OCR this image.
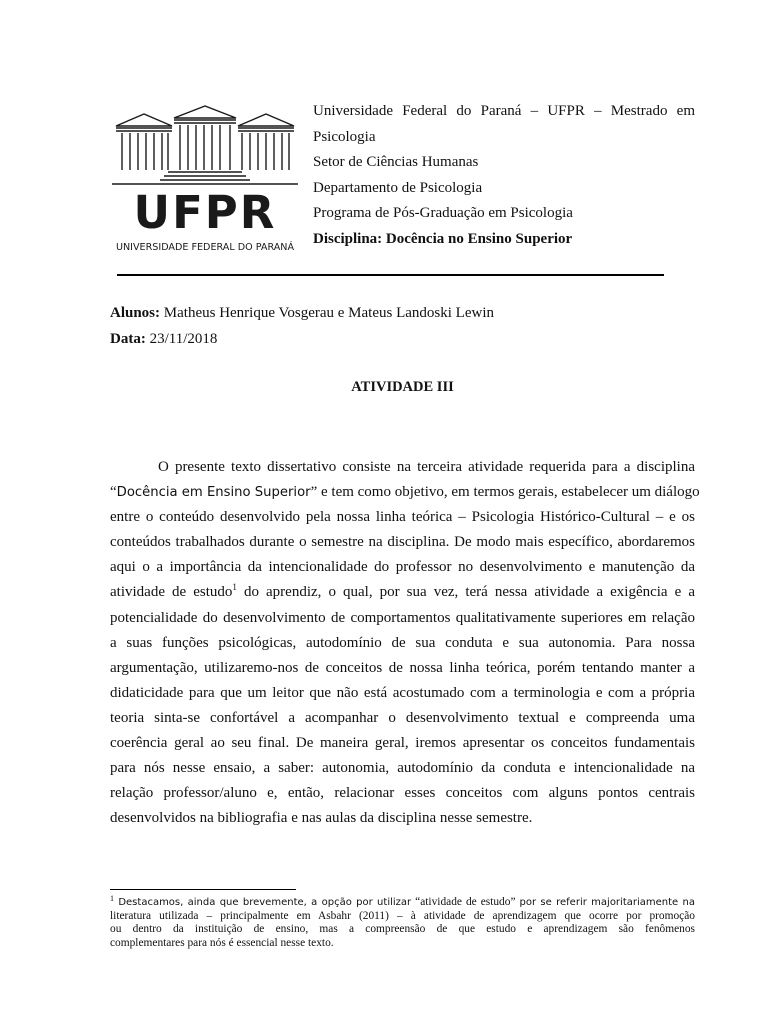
UFPR
UNIVERSIDADE FEDERAL DO PARANÁ
Universidade Federal do Paraná – UFPR – Mestrado em
Psicologia
Setor de Ciências Humanas
Departamento de Psicologia
Programa de Pós-Graduação em Psicologia
Disciplina: Docência no Ensino Superior
Alunos: Matheus Henrique Vosgerau e Mateus Landoski Lewin
Data: 23/11/2018
ATIVIDADE III
O presente texto dissertativo consiste na terceira atividade requerida para a disciplina
“Docência em Ensino Superior” e tem como objetivo, em termos gerais, estabelecer um diálogo
entre o conteúdo desenvolvido pela nossa linha teórica – Psicologia Histórico-Cultural – e os
conteúdos trabalhados durante o semestre na disciplina. De modo mais específico, abordaremos
aqui o a importância da intencionalidade do professor no desenvolvimento e manutenção da
atividade de estudo$^1$ do aprendiz, o qual, por sua vez, terá nessa atividade a exigência e a
potencialidade do desenvolvimento de comportamentos qualitativamente superiores em relação
a suas funções psicológicas, autodomínio de sua conduta e sua autonomia. Para nossa
argumentação, utilizaremo-nos de conceitos de nossa linha teórica, porém tentando manter a
didaticidade para que um leitor que não está acostumado com a terminologia e com a própria
teoria sinta-se confortável a acompanhar o desenvolvimento textual e compreenda uma
coerência geral ao seu final. De maneira geral, iremos apresentar os conceitos fundamentais
para nós nesse ensaio, a saber: autonomia, autodomínio da conduta e intencionalidade na
relação professor/aluno e, então, relacionar esses conceitos com alguns pontos centrais
desenvolvidos na bibliografia e nas aulas da disciplina nesse semestre.
$^1$ Destacamos, ainda que brevemente, a opção por utilizar “atividade de estudo” por se referir majoritariamente na
literatura utilizada – principalmente em Asbahr (2011) – à atividade de aprendizagem que ocorre por promoção
ou dentro da instituição de ensino, mas a compreensão de que estudo e aprendizagem são fenômenos
complementares para nós é essencial nesse texto.
